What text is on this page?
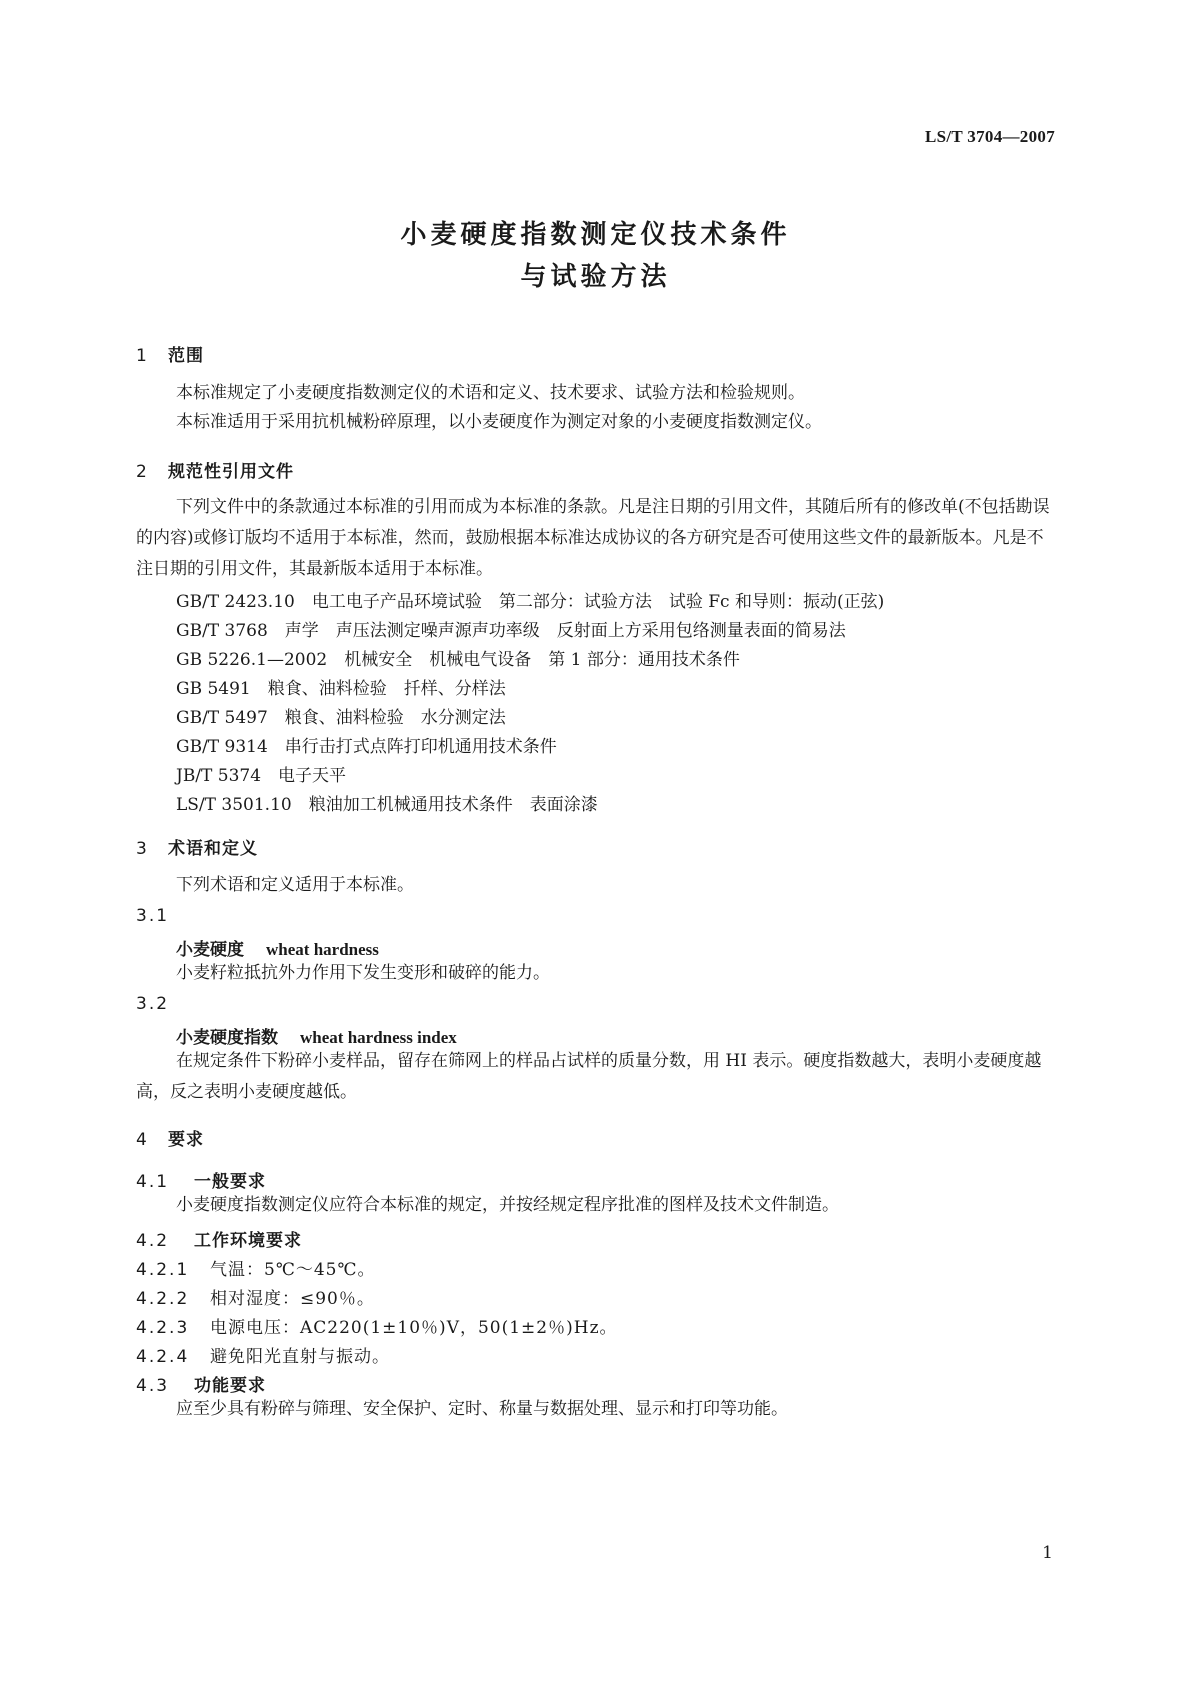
LS/T 3704—2007
小麦硬度指数测定仪技术条件
与试验方法
1 范围
本标准规定了小麦硬度指数测定仪的术语和定义、技术要求、试验方法和检验规则。
本标准适用于采用抗机械粉碎原理，以小麦硬度作为测定对象的小麦硬度指数测定仪。
2 规范性引用文件
下列文件中的条款通过本标准的引用而成为本标准的条款。凡是注日期的引用文件，其随后所有的修改单(不包括勘误的内容)或修订版均不适用于本标准，然而，鼓励根据本标准达成协议的各方研究是否可使用这些文件的最新版本。凡是不注日期的引用文件，其最新版本适用于本标准。
GB/T 2423.10　电工电子产品环境试验　第二部分：试验方法　试验 Fc 和导则：振动(正弦)
GB/T 3768　声学　声压法测定噪声源声功率级　反射面上方采用包络测量表面的简易法
GB 5226.1—2002　机械安全　机械电气设备　第 1 部分：通用技术条件
GB 5491　粮食、油料检验　扦样、分样法
GB/T 5497　粮食、油料检验　水分测定法
GB/T 9314　串行击打式点阵打印机通用技术条件
JB/T 5374　电子天平
LS/T 3501.10　粮油加工机械通用技术条件　表面涂漆
3 术语和定义
下列术语和定义适用于本标准。
3.1
小麦硬度 wheat hardness
小麦籽粒抵抗外力作用下发生变形和破碎的能力。
3.2
小麦硬度指数 wheat hardness index
在规定条件下粉碎小麦样品，留存在筛网上的样品占试样的质量分数，用 HI 表示。硬度指数越大，表明小麦硬度越高，反之表明小麦硬度越低。
4 要求
4.1 一般要求
小麦硬度指数测定仪应符合本标准的规定，并按经规定程序批准的图样及技术文件制造。
4.2 工作环境要求
4.2.1 气温：5℃～45℃。
4.2.2 相对湿度：≤90％。
4.2.3 电源电压：AC220(1±10％)V，50(1±2％)Hz。
4.2.4 避免阳光直射与振动。
4.3 功能要求
应至少具有粉碎与筛理、安全保护、定时、称量与数据处理、显示和打印等功能。
1
